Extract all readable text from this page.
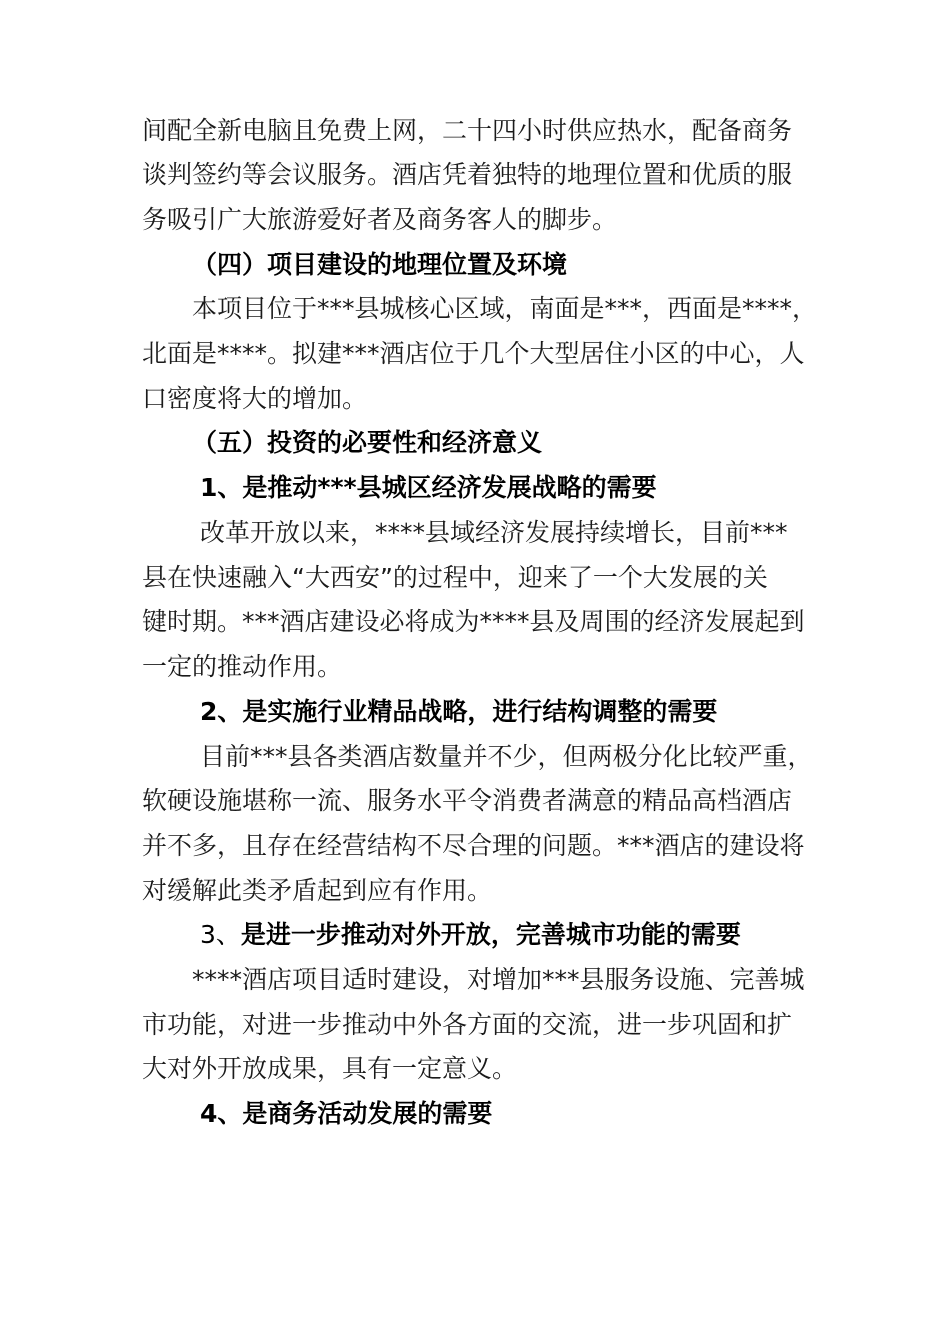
间配全新电脑且免费上网，二十四小时供应热水，配备商务
谈判签约等会议服务。酒店凭着独特的地理位置和优质的服
务吸引广大旅游爱好者及商务客人的脚步。
（四）项目建设的地理位置及环境
本项目位于***县城核心区域，南面是***，西面是****，
北面是****。拟建***酒店位于几个大型居住小区的中心，人
口密度将大的增加。
（五）投资的必要性和经济意义
1、是推动***县城区经济发展战略的需要
改革开放以来，****县域经济发展持续增长，目前***
县在快速融入“大西安”的过程中，迎来了一个大发展的关
键时期。***酒店建设必将成为****县及周围的经济发展起到
一定的推动作用。
2、是实施行业精品战略，进行结构调整的需要
目前***县各类酒店数量并不少，但两极分化比较严重，
软硬设施堪称一流、服务水平令消费者满意的精品高档酒店
并不多，且存在经营结构不尽合理的问题。***酒店的建设将
对缓解此类矛盾起到应有作用。
3、是进一步推动对外开放，完善城市功能的需要
****酒店项目适时建设，对增加***县服务设施、完善城
市功能，对进一步推动中外各方面的交流，进一步巩固和扩
大对外开放成果，具有一定意义。
4、是商务活动发展的需要
